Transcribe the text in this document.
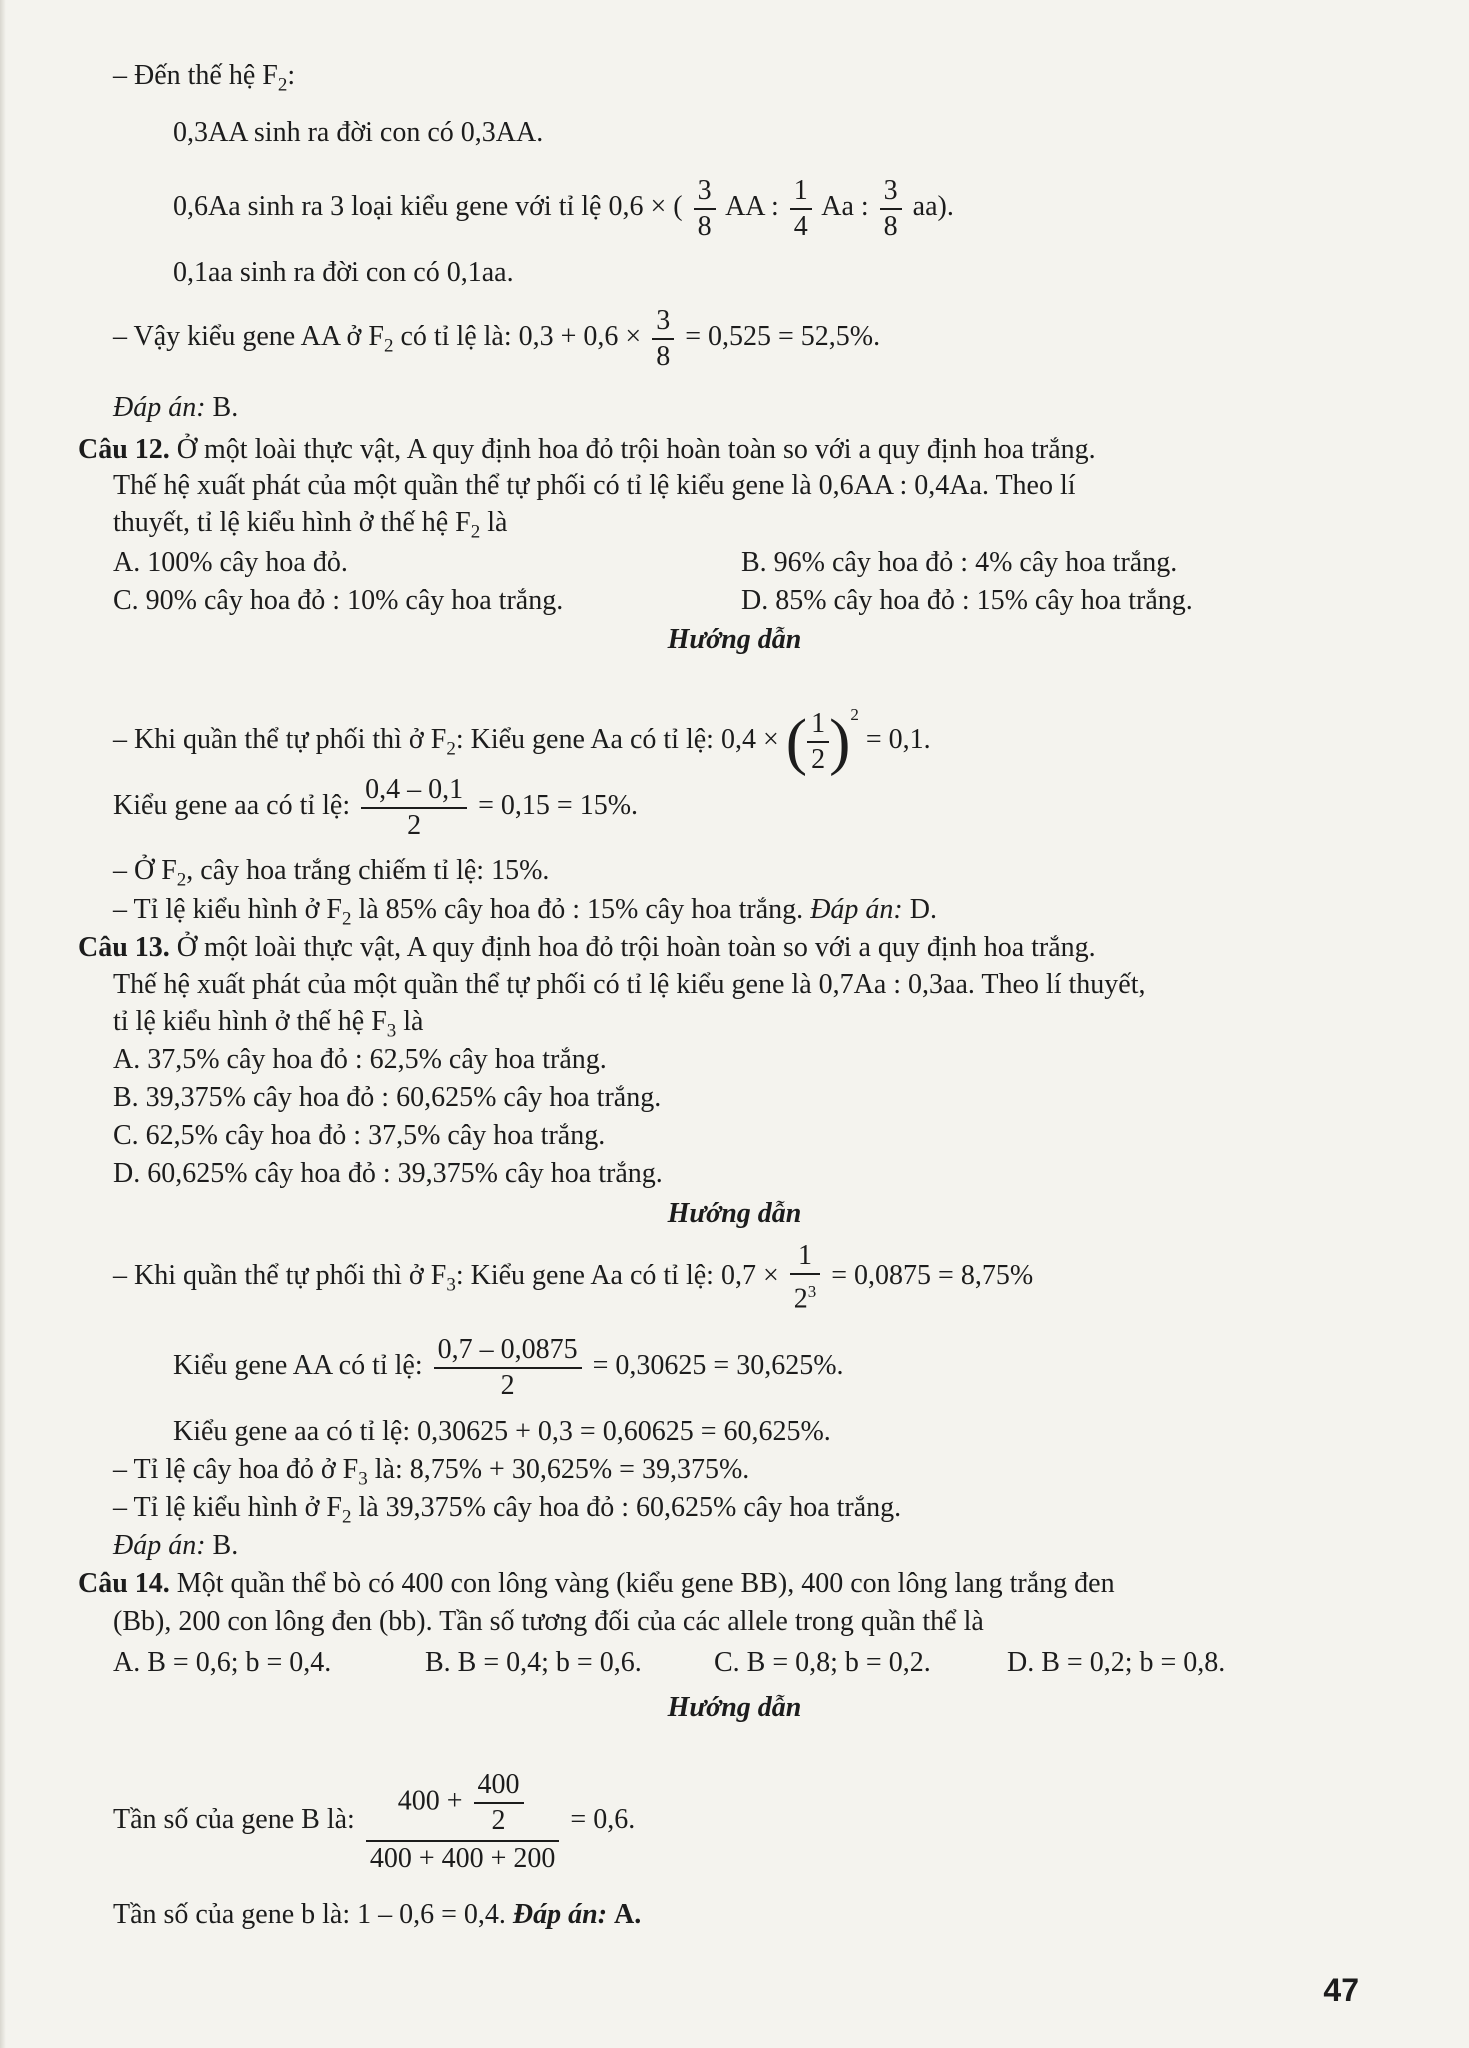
– Đến thế hệ $F_2$:
0,3AA sinh ra đời con có 0,3AA.
0,6Aa sinh ra 3 loại kiểu gene với tỉ lệ 0,6 × ( $\frac{3}{8}$ AA : $\frac{1}{4}$ Aa : $\frac{3}{8} aa$).
0,1aa sinh ra đời con có 0,1aa.
– Vậy kiểu gene AA ở $F_2$ có tỉ lệ là: $0,3 + 0,6 \times \frac{3}{8} = 0,525 = 52,5\%$.
Đáp án: B.
Câu 12. Ở một loài thực vật, A quy định hoa đỏ trội hoàn toàn so với a quy định hoa trắng.
Thế hệ xuất phát của một quần thể tự phối có tỉ lệ kiểu gene là 0,6AA : 0,4Aa. Theo lí
thuyết, tỉ lệ kiểu hình ở thế hệ $F_2$ là
A. 100% cây hoa đỏ.	B. 96% cây hoa đỏ : 4% cây hoa trắng.
C. 90% cây hoa đỏ : 10% cây hoa trắng.	D. 85% cây hoa đỏ : 15% cây hoa trắng.
Hướng dẫn
– Khi quần thể tự phối thì ở $F_2$: Kiểu gene Aa có tỉ lệ: 0,4 × ( $\frac{1}{2} )^2 = 0,1$.
Kiểu gene aa có tỉ lệ: $\frac{0,4 - 0,1}{2} = 0,15 = 15\%$.
– Ở $F_2$, cây hoa trắng chiếm tỉ lệ: 15%.
– Tỉ lệ kiểu hình ở $F_2$ là 85% cây hoa đỏ : 15% cây hoa trắng. Đáp án: D.
Câu 13. Ở một loài thực vật, A quy định hoa đỏ trội hoàn toàn so với a quy định hoa trắng.
Thế hệ xuất phát của một quần thể tự phối có tỉ lệ kiểu gene là 0,7Aa : 0,3aa. Theo lí thuyết,
tỉ lệ kiểu hình ở thế hệ $F_3$ là
A. 37,5% cây hoa đỏ : 62,5% cây hoa trắng.
B. 39,375% cây hoa đỏ : 60,625% cây hoa trắng.
C. 62,5% cây hoa đỏ : 37,5% cây hoa trắng.
D. 60,625% cây hoa đỏ : 39,375% cây hoa trắng.
Hướng dẫn
– Khi quần thể tự phối thì ở $F_3$: Kiểu gene Aa có tỉ lệ: $0,7 \times \frac{1}{2^3} = 0,0875 = 8,75\%$
Kiểu gene AA có tỉ lệ: $\frac{0,7 - 0,0875}{2} = 0,30625 = 30,625\%$.
Kiểu gene aa có tỉ lệ: 0,30625 + 0,3 = 0,60625 = 60,625%.
– Tỉ lệ cây hoa đỏ ở $F_3$ là: 8,75% + 30,625% = 39,375%.
– Tỉ lệ kiểu hình ở $F_2$ là 39,375% cây hoa đỏ : 60,625% cây hoa trắng.
Đáp án: B.
Câu 14. Một quần thể bò có 400 con lông vàng (kiểu gene BB), 400 con lông lang trắng đen
(Bb), 200 con lông đen (bb). Tần số tương đối của các allele trong quần thể là
A. B = 0,6; b = 0,4.	B. B = 0,4; b = 0,6.	C. B = 0,8; b = 0,2.	D. B = 0,2; b = 0,8.
Hướng dẫn
Tần số của gene B là: $\frac{400 + \frac{400}{2}}{400 + 400 + 200} = 0,6$.
Tần số của gene b là: 1 – 0,6 = 0,4. Đáp án: A.
47
